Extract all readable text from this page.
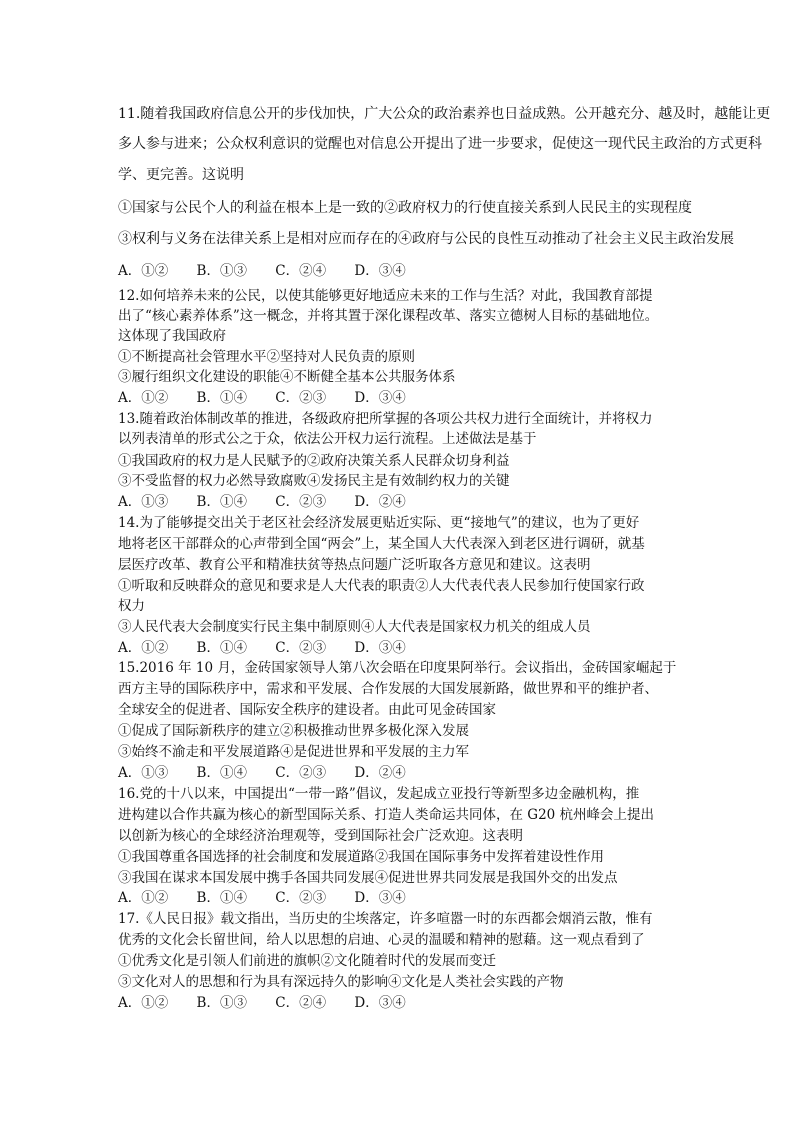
11.随着我国政府信息公开的步伐加快，广大公众的政治素养也日益成熟。公开越充分、越及时，越能让更
多人参与进来；公众权利意识的觉醒也对信息公开提出了进一步要求，促使这一现代民主政治的方式更科
学、更完善。这说明
①国家与公民个人的利益在根本上是一致的②政府权力的行使直接关系到人民民主的实现程度
③权利与义务在法律关系上是相对应而存在的④政府与公民的良性互动推动了社会主义民主政治发展
A．①② B．①③ C．②④ D．③④
12.如何培养未来的公民，以使其能够更好地适应未来的工作与生活？对此，我国教育部提
出了“核心素养体系”这一概念，并将其置于深化课程改革、落实立德树人目标的基础地位。
这体现了我国政府
①不断提高社会管理水平②坚持对人民负责的原则
③履行组织文化建设的职能④不断健全基本公共服务体系
A．①② B．①④ C．②③ D．③④
13.随着政治体制改革的推进，各级政府把所掌握的各项公共权力进行全面统计，并将权力
以列表清单的形式公之于众，依法公开权力运行流程。上述做法是基于
①我国政府的权力是人民赋予的②政府决策关系人民群众切身利益
③不受监督的权力必然导致腐败④发扬民主是有效制约权力的关键
A．①③ B．①④ C．②③ D．②④
14.为了能够提交出关于老区社会经济发展更贴近实际、更“接地气”的建议，也为了更好
地将老区干部群众的心声带到全国“两会”上，某全国人大代表深入到老区进行调研，就基
层医疗改革、教育公平和精准扶贫等热点问题广泛听取各方意见和建议。这表明
①听取和反映群众的意见和要求是人大代表的职责②人大代表代表人民参加行使国家行政
权力
③人民代表大会制度实行民主集中制原则④人大代表是国家权力机关的组成人员
A．①② B．①④ C．②③ D．③④
15.2016 年 10 月，金砖国家领导人第八次会晤在印度果阿举行。会议指出，金砖国家崛起于
西方主导的国际秩序中，需求和平发展、合作发展的大国发展新路，做世界和平的维护者、
全球安全的促进者、国际安全秩序的建设者。由此可见金砖国家
①促成了国际新秩序的建立②积极推动世界多极化深入发展
③始终不渝走和平发展道路④是促进世界和平发展的主力军
A．①③ B．①④ C．②③ D．②④
16.党的十八以来，中国提出“一带一路”倡议，发起成立亚投行等新型多边金融机构，推
进构建以合作共赢为核心的新型国际关系、打造人类命运共同体，在 G20 杭州峰会上提出
以创新为核心的全球经济治理观等，受到国际社会广泛欢迎。这表明
①我国尊重各国选择的社会制度和发展道路②我国在国际事务中发挥着建设性作用
③我国在谋求本国发展中携手各国共同发展④促进世界共同发展是我国外交的出发点
A．①② B．①④ C．②③ D．③④
17.《人民日报》载文指出，当历史的尘埃落定，许多喧嚣一时的东西都会烟消云散，惟有
优秀的文化会长留世间，给人以思想的启迪、心灵的温暖和精神的慰藉。这一观点看到了
①优秀文化是引领人们前进的旗帜②文化随着时代的发展而变迁
③文化对人的思想和行为具有深远持久的影响④文化是人类社会实践的产物
A．①② B．①③ C．②④ D．③④
